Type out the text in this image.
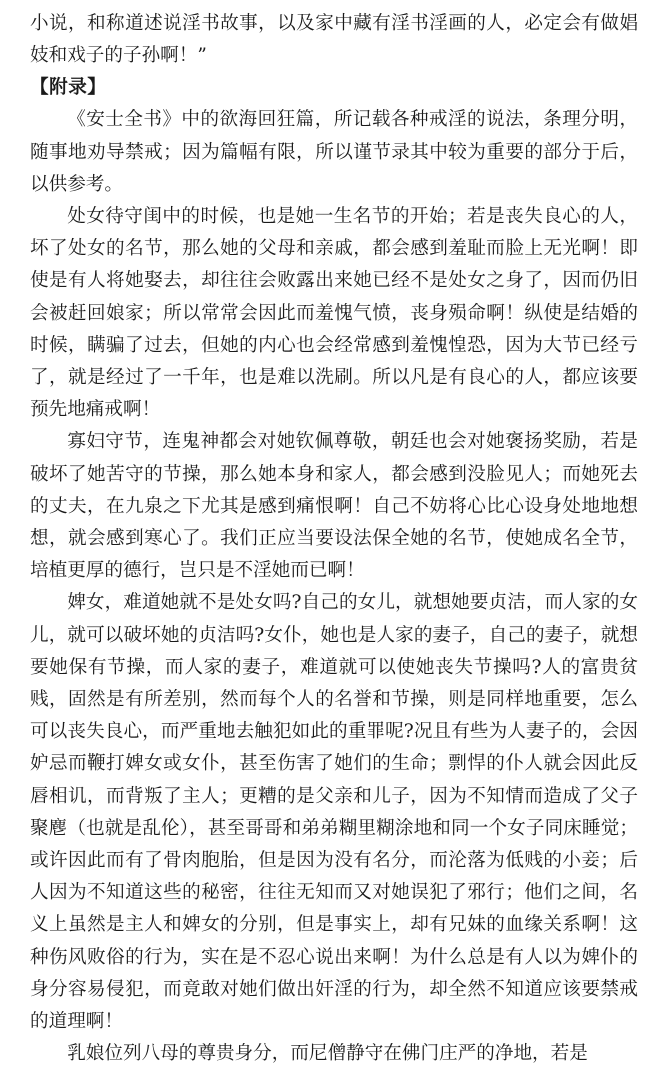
小说，和称道述说淫书故事，以及家中藏有淫书淫画的人，必定会有做娼妓和戏子的子孙啊！”

【附录】

《安士全书》中的欲海回狂篇，所记载各种戒淫的说法，条理分明，随事地劝导禁戒；因为篇幅有限，所以谨节录其中较为重要的部分于后，以供参考。

处女待守闺中的时候，也是她一生名节的开始；若是丧失良心的人，坏了处女的名节，那么她的父母和亲戚，都会感到羞耻而脸上无光啊！即使是有人将她娶去，却往往会败露出来她已经不是处女之身了，因而仍旧会被赶回娘家；所以常常会因此而羞愧气愤，丧身殒命啊！纵使是结婚的时候，瞒骗了过去，但她的内心也会经常感到羞愧惶恐，因为大节已经亏了，就是经过了一千年，也是难以洗刷。所以凡是有良心的人，都应该要预先地痛戒啊！

寡妇守节，连鬼神都会对她钦佩尊敬，朝廷也会对她褒扬奖励，若是破坏了她苦守的节操，那么她本身和家人，都会感到没脸见人；而她死去的丈夫，在九泉之下尤其是感到痛恨啊！自己不妨将心比心设身处地地想想，就会感到寒心了。我们正应当要设法保全她的名节，使她成名全节，培植更厚的德行，岂只是不淫她而已啊！

婢女，难道她就不是处女吗?自己的女儿，就想她要贞洁，而人家的女儿，就可以破坏她的贞洁吗?女仆，她也是人家的妻子，自己的妻子，就想要她保有节操，而人家的妻子，难道就可以使她丧失节操吗?人的富贵贫贱，固然是有所差别，然而每个人的名誉和节操，则是同样地重要，怎么可以丧失良心，而严重地去触犯如此的重罪呢?况且有些为人妻子的，会因妒忌而鞭打婢女或女仆，甚至伤害了她们的生命；剽悍的仆人就会因此反唇相讥，而背叛了主人；更糟的是父亲和儿子，因为不知情而造成了父子聚麀（也就是乱伦），甚至哥哥和弟弟糊里糊涂地和同一个女子同床睡觉；或许因此而有了骨肉胞胎，但是因为没有名分，而沦落为低贱的小妾；后人因为不知道这些的秘密，往往无知而又对她误犯了邪行；他们之间，名义上虽然是主人和婢女的分别，但是事实上，却有兄妹的血缘关系啊！这种伤风败俗的行为，实在是不忍心说出来啊！为什么总是有人以为婢仆的身分容易侵犯，而竟敢对她们做出奸淫的行为，却全然不知道应该要禁戒的道理啊！

乳娘位列八母的尊贵身分，而尼僧静守在佛门庄严的净地，若是
